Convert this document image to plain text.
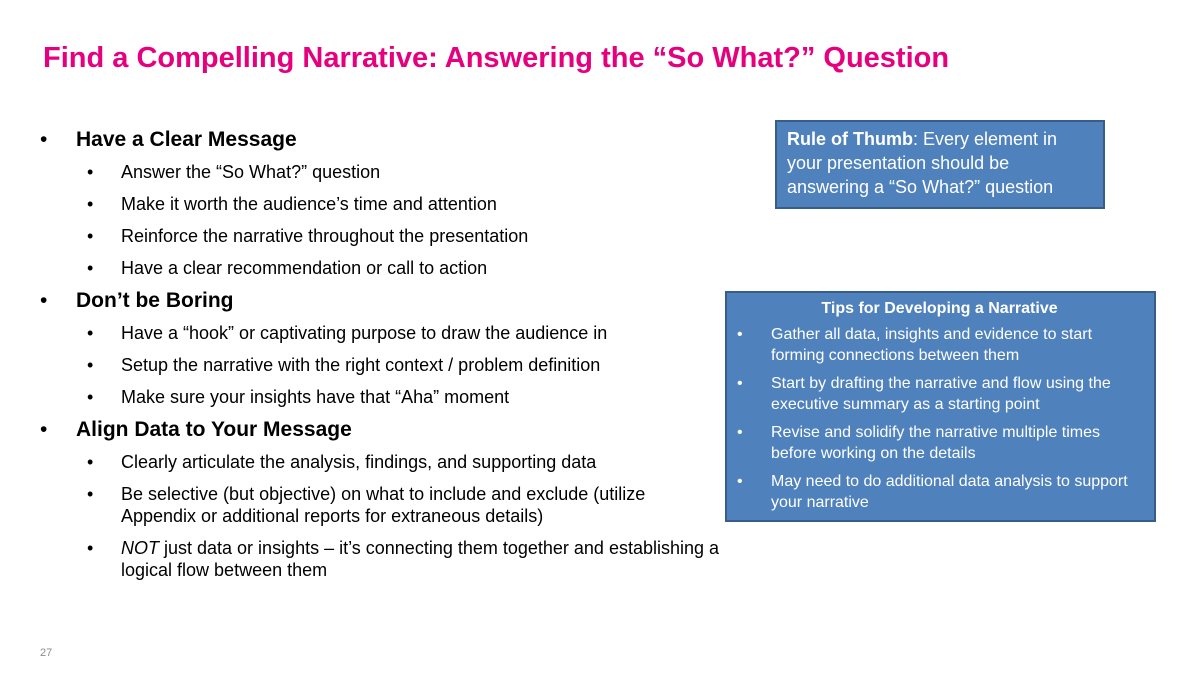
Find a Compelling Narrative: Answering the “So What?” Question
• Have a Clear Message
• Answer the “So What?” question
• Make it worth the audience’s time and attention
• Reinforce the narrative throughout the presentation
• Have a clear recommendation or call to action
• Don’t be Boring
• Have a “hook” or captivating purpose to draw the audience in
• Setup the narrative with the right context / problem definition
• Make sure your insights have that “Aha” moment
• Align Data to Your Message
• Clearly articulate the analysis, findings, and supporting data
• Be selective (but objective) on what to include and exclude (utilize Appendix or additional reports for extraneous details)
• NOT just data or insights – it’s connecting them together and establishing a logical flow between them
Rule of Thumb: Every element in your presentation should be answering a “So What?” question
Tips for Developing a Narrative
• Gather all data, insights and evidence to start forming connections between them
• Start by drafting the narrative and flow using the executive summary as a starting point
• Revise and solidify the narrative multiple times before working on the details
• May need to do additional data analysis to support your narrative
27
